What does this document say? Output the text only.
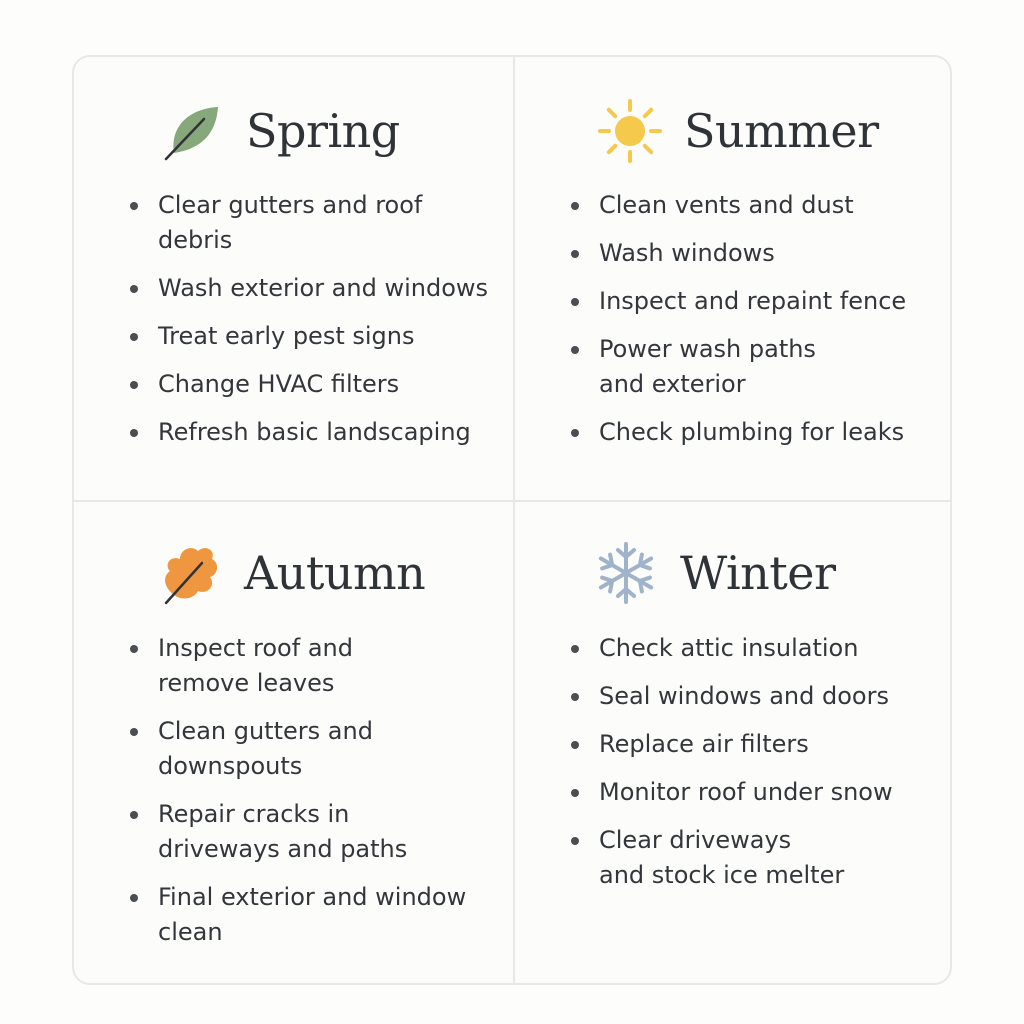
Spring
Clear gutters and roof
debris
Wash exterior and windows
Treat early pest signs
Change HVAC filters
Refresh basic landscaping
Summer
Clean vents and dust
Wash windows
Inspect and repaint fence
Power wash paths
and exterior
Check plumbing for leaks
Autumn
Inspect roof and
remove leaves
Clean gutters and
downspouts
Repair cracks in
driveways and paths
Final exterior and window
clean
Winter
Check attic insulation
Seal windows and doors
Replace air filters
Monitor roof under snow
Clear driveways
and stock ice melter
